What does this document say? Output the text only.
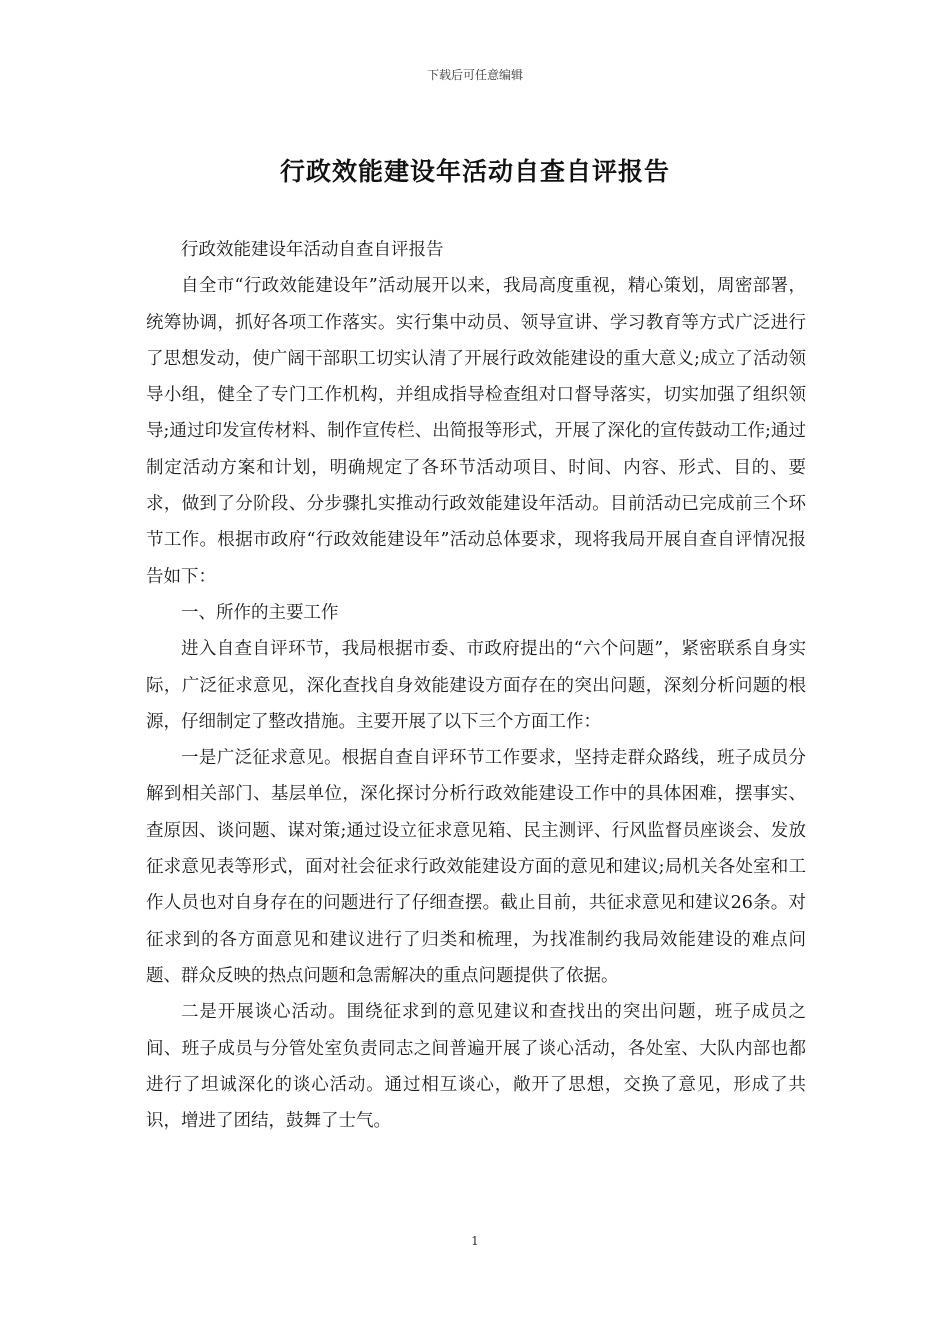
下载后可任意编辑
行政效能建设年活动自查自评报告

行政效能建设年活动自查自评报告

自全市“行政效能建设年”活动展开以来，我局高度重视，精心策划，周密部署，统筹协调，抓好各项工作落实。实行集中动员、领导宣讲、学习教育等方式广泛进行了思想发动，使广阔干部职工切实认清了开展行政效能建设的重大意义;成立了活动领导小组，健全了专门工作机构，并组成指导检查组对口督导落实，切实加强了组织领导;通过印发宣传材料、制作宣传栏、出简报等形式，开展了深化的宣传鼓动工作;通过制定活动方案和计划，明确规定了各环节活动项目、时间、内容、形式、目的、要求，做到了分阶段、分步骤扎实推动行政效能建设年活动。目前活动已完成前三个环节工作。根据市政府“行政效能建设年”活动总体要求，现将我局开展自查自评情况报告如下：

一、所作的主要工作

进入自查自评环节，我局根据市委、市政府提出的“六个问题”，紧密联系自身实际，广泛征求意见，深化查找自身效能建设方面存在的突出问题，深刻分析问题的根源，仔细制定了整改措施。主要开展了以下三个方面工作：

一是广泛征求意见。根据自查自评环节工作要求，坚持走群众路线，班子成员分解到相关部门、基层单位，深化探讨分析行政效能建设工作中的具体困难，摆事实、查原因、谈问题、谋对策;通过设立征求意见箱、民主测评、行风监督员座谈会、发放征求意见表等形式，面对社会征求行政效能建设方面的意见和建议;局机关各处室和工作人员也对自身存在的问题进行了仔细查摆。截止目前，共征求意见和建议26条。对征求到的各方面意见和建议进行了归类和梳理，为找准制约我局效能建设的难点问题、群众反映的热点问题和急需解决的重点问题提供了依据。

二是开展谈心活动。围绕征求到的意见建议和查找出的突出问题，班子成员之间、班子成员与分管处室负责同志之间普遍开展了谈心活动，各处室、大队内部也都进行了坦诚深化的谈心活动。通过相互谈心，敞开了思想，交换了意见，形成了共识，增进了团结，鼓舞了士气。

1
